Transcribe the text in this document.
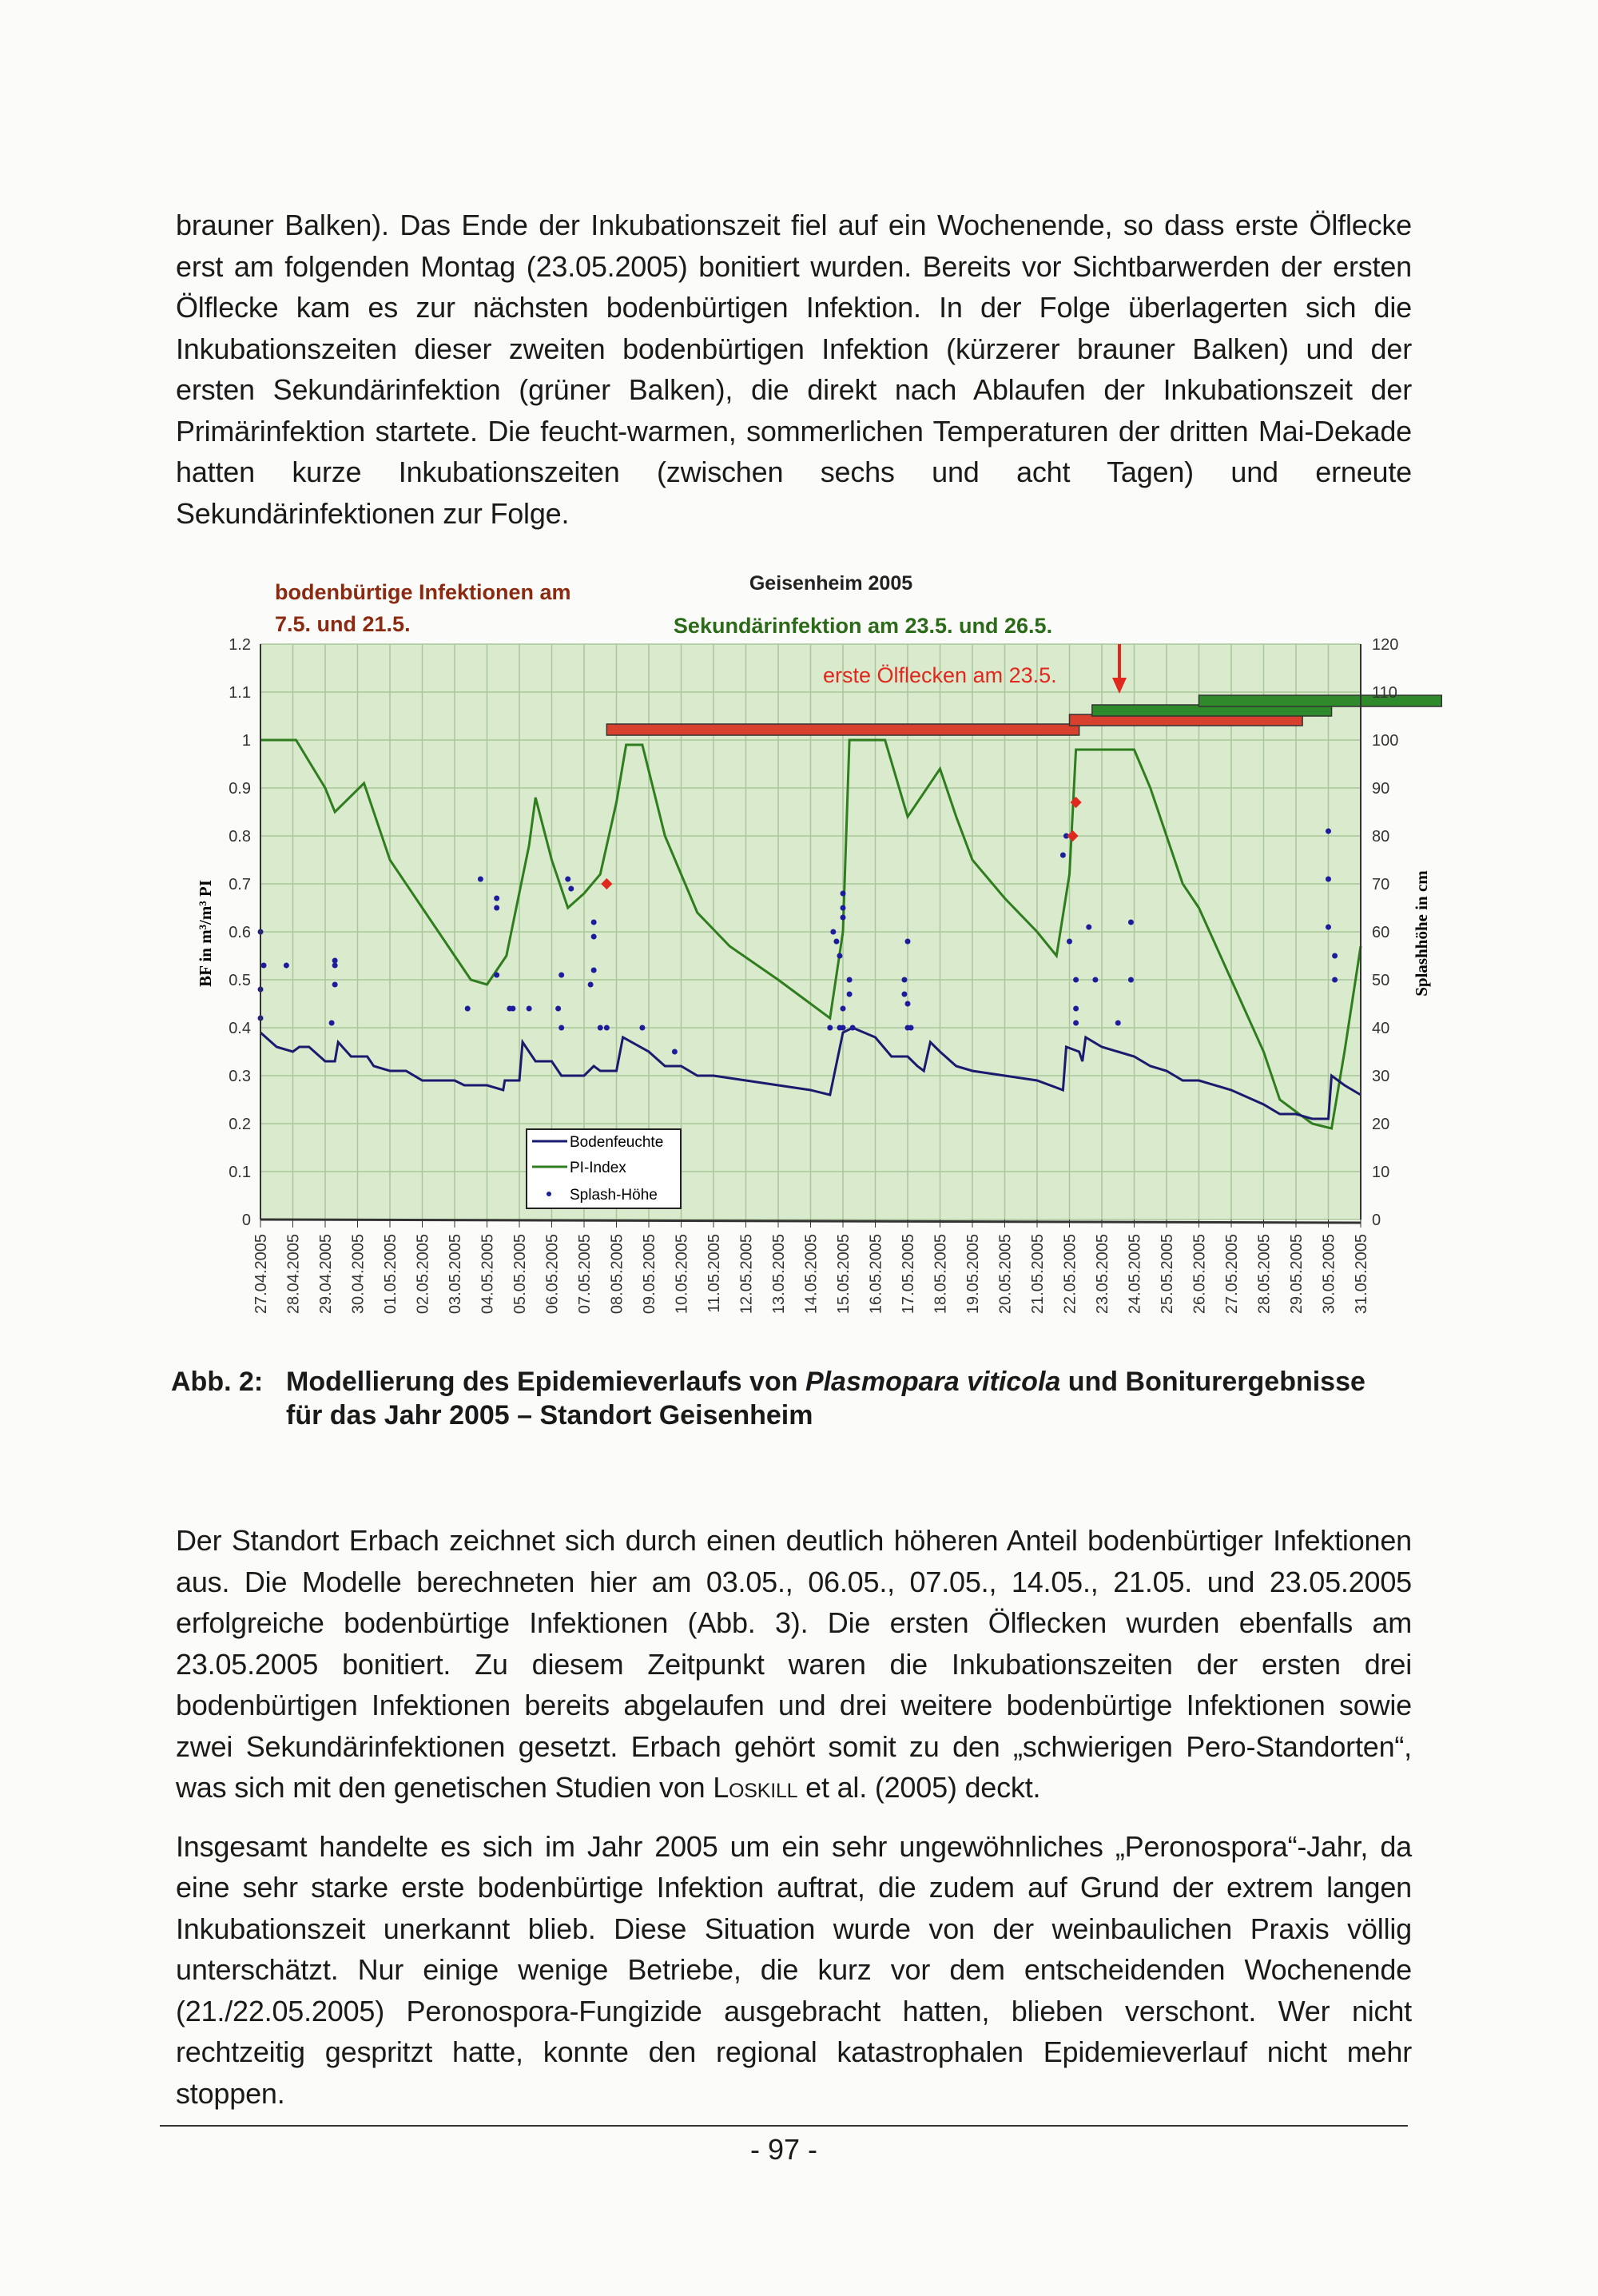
brauner Balken). Das Ende der Inkubationszeit fiel auf ein Wochenende, so dass erste Ölflecke erst am folgenden Montag (23.05.2005) bonitiert wurden. Bereits vor Sichtbarwerden der ersten Ölflecke kam es zur nächsten bodenbürtigen Infektion. In der Folge überlagerten sich die Inkubationszeiten dieser zweiten bodenbürtigen Infektion (kürzerer brauner Balken) und der ersten Sekundärinfektion (grüner Balken), die direkt nach Ablaufen der Inkubationszeit der Primärinfektion startete. Die feucht-warmen, sommerlichen Temperaturen der dritten Mai-Dekade hatten kurze Inkubationszeiten (zwischen sechs und acht Tagen) und erneute Sekundärinfektionen zur Folge.

0
0.1
0.2
0.3
0.4
0.5
0.6
0.7
0.8
0.9
1
1.1
1.2
0
10
20
30
40
50
60
70
80
90
100
110
120
27.04.2005 28.04.2005 29.04.2005 30.04.2005 01.05.2005 02.05.2005 03.05.2005 04.05.2005 05.05.2005 06.05.2005 07.05.2005 08.05.2005 09.05.2005 10.05.2005 11.05.2005 12.05.2005 13.05.2005 14.05.2005 15.05.2005 16.05.2005 17.05.2005 18.05.2005 19.05.2005 20.05.2005 21.05.2005 22.05.2005 23.05.2005 24.05.2005 25.05.2005 26.05.2005 27.05.2005 28.05.2005 29.05.2005 30.05.2005 31.05.2005
bodenbürtige Infektionen am
7.5. und 21.5.
Geisenheim 2005
Sekundärinfektion am 23.5. und 26.5.
erste Ölflecken am 23.5.
BF in m³/m³ PI	Splashhöhe in cm
Bodenfeuchte
PI-Index
Splash-Höhe
Abb. 2: Modellierung des Epidemieverlaufs von Plasmopara viticola und Boniturergebnisse
für das Jahr 2005 – Standort Geisenheim

Der Standort Erbach zeichnet sich durch einen deutlich höheren Anteil bodenbürtiger Infektionen aus. Die Modelle berechneten hier am 03.05., 06.05., 07.05., 14.05., 21.05. und 23.05.2005 erfolgreiche bodenbürtige Infektionen (Abb. 3). Die ersten Ölflecken wurden ebenfalls am 23.05.2005 bonitiert. Zu diesem Zeitpunkt waren die Inkubationszeiten der ersten drei bodenbürtigen Infektionen bereits abgelaufen und drei weitere bodenbürtige Infektionen sowie zwei Sekundärinfektionen gesetzt. Erbach gehört somit zu den „schwierigen Pero-Standorten“, was sich mit den genetischen Studien von Loskill et al. (2005) deckt.

Insgesamt handelte es sich im Jahr 2005 um ein sehr ungewöhnliches „Peronospora“-Jahr, da eine sehr starke erste bodenbürtige Infektion auftrat, die zudem auf Grund der extrem langen Inkubationszeit unerkannt blieb. Diese Situation wurde von der weinbaulichen Praxis völlig unterschätzt. Nur einige wenige Betriebe, die kurz vor dem entscheidenden Wochenende (21./22.05.2005) Peronospora-Fungizide ausgebracht hatten, blieben verschont. Wer nicht rechtzeitig gespritzt hatte, konnte den regional katastrophalen Epidemieverlauf nicht mehr stoppen.

- 97 -
